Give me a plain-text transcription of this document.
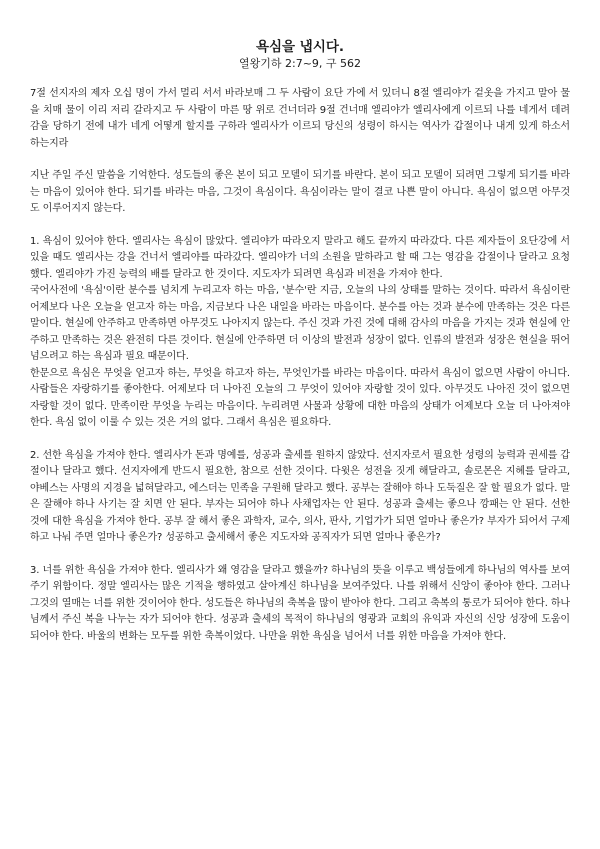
욕심을 냅시다.

열왕기하 2:7~9, 구 562

7절 선지자의 제자 오십 명이 가서 멀리 서서 바라보매 그 두 사람이 요단 가에 서 있더니 8절 엘리야가 겉옷을 가지고 말아 물을 치매 물이 이리 저리 갈라지고 두 사람이 마른 땅 위로 건너더라 9절 건너매 엘리야가 엘리사에게 이르되 나를 네게서 데려감을 당하기 전에 내가 네게 어떻게 할지를 구하라 엘리사가 이르되 당신의 성령이 하시는 역사가 갑절이나 내게 있게 하소서 하는지라

지난 주일 주신 말씀을 기억한다. 성도들의 좋은 본이 되고 모델이 되기를 바란다. 본이 되고 모델이 되려면 그렇게 되기를 바라는 마음이 있어야 한다. 되기를 바라는 마음, 그것이 욕심이다. 욕심이라는 말이 결코 나쁜 말이 아니다. 욕심이 없으면 아무것도 이루어지지 않는다.

1. 욕심이 있어야 한다. 엘리사는 욕심이 많았다. 엘리야가 따라오지 말라고 해도 끝까지 따라갔다. 다른 제자들이 요단강에 서 있을 때도 엘리사는 강을 건너서 엘리야를 따라갔다. 엘리야가 너의 소원을 말하라고 할 때 그는 영감을 갑절이나 달라고 요청했다. 엘리야가 가진 능력의 배를 달라고 한 것이다. 지도자가 되려면 욕심과 비전을 가져야 한다.

국어사전에 '욕심'이란 분수를 넘치게 누리고자 하는 마음, '분수'란 지금, 오늘의 나의 상태를 말하는 것이다. 따라서 욕심이란 어제보다 나은 오늘을 얻고자 하는 마음, 지금보다 나은 내일을 바라는 마음이다. 분수를 아는 것과 분수에 만족하는 것은 다른 말이다. 현실에 안주하고 만족하면 아무것도 나아지지 않는다. 주신 것과 가진 것에 대해 감사의 마음을 가지는 것과 현실에 안주하고 만족하는 것은 완전히 다른 것이다. 현실에 안주하면 더 이상의 발전과 성장이 없다. 인류의 발전과 성장은 현실을 뛰어 넘으려고 하는 욕심과 필요 때문이다.

한문으로 욕심은 무엇을 얻고자 하는, 무엇을 하고자 하는, 무엇인가를 바라는 마음이다. 따라서 욕심이 없으면 사람이 아니다. 사람들은 자랑하기를 좋아한다. 어제보다 더 나아진 오늘의 그 무엇이 있어야 자랑할 것이 있다. 아무것도 나아진 것이 없으면 자랑할 것이 없다. 만족이란 무엇을 누리는 마음이다. 누리려면 사물과 상황에 대한 마음의 상태가 어제보다 오늘 더 나아져야 한다. 욕심 없이 이룰 수 있는 것은 거의 없다. 그래서 욕심은 필요하다.

2. 선한 욕심을 가져야 한다. 엘리사가 돈과 명예를, 성공과 출세를 원하지 않았다. 선지자로서 필요한 성령의 능력과 권세를 갑절이나 달라고 했다. 선지자에게 반드시 필요한, 참으로 선한 것이다. 다윗은 성전을 짓게 해달라고, 솔로몬은 지혜를 달라고, 야베스는 사명의 지경을 넓혀달라고, 에스더는 민족을 구원해 달라고 했다. 공부는 잘해야 하나 도둑질은 잘 할 필요가 없다. 말은 잘해야 하나 사기는 잘 치면 안 된다. 부자는 되어야 하나 사채업자는 안 된다. 성공과 출세는 좋으나 깡패는 안 된다. 선한 것에 대한 욕심을 가져야 한다. 공부 잘 해서 좋은 과학자, 교수, 의사, 판사, 기업가가 되면 얼마나 좋은가? 부자가 되어서 구제하고 나눠 주면 얼마나 좋은가? 성공하고 출세해서 좋은 지도자와 공직자가 되면 얼마나 좋은가?

3. 너를 위한 욕심을 가져야 한다. 엘리사가 왜 영감을 달라고 했을까? 하나님의 뜻을 이루고 백성들에게 하나님의 역사를 보여주기 위함이다. 정말 엘리사는 많은 기적을 행하였고 살아계신 하나님을 보여주었다. 나를 위해서 신앙이 좋아야 한다. 그러나 그것의 열매는 너를 위한 것이어야 한다. 성도들은 하나님의 축복을 많이 받아야 한다. 그리고 축복의 통로가 되어야 한다. 하나님께서 주신 복을 나누는 자가 되어야 한다. 성공과 출세의 목적이 하나님의 영광과 교회의 유익과 자신의 신앙 성장에 도움이 되어야 한다. 바울의 변화는 모두를 위한 축복이었다. 나만을 위한 욕심을 넘어서 너를 위한 마음을 가져야 한다.
